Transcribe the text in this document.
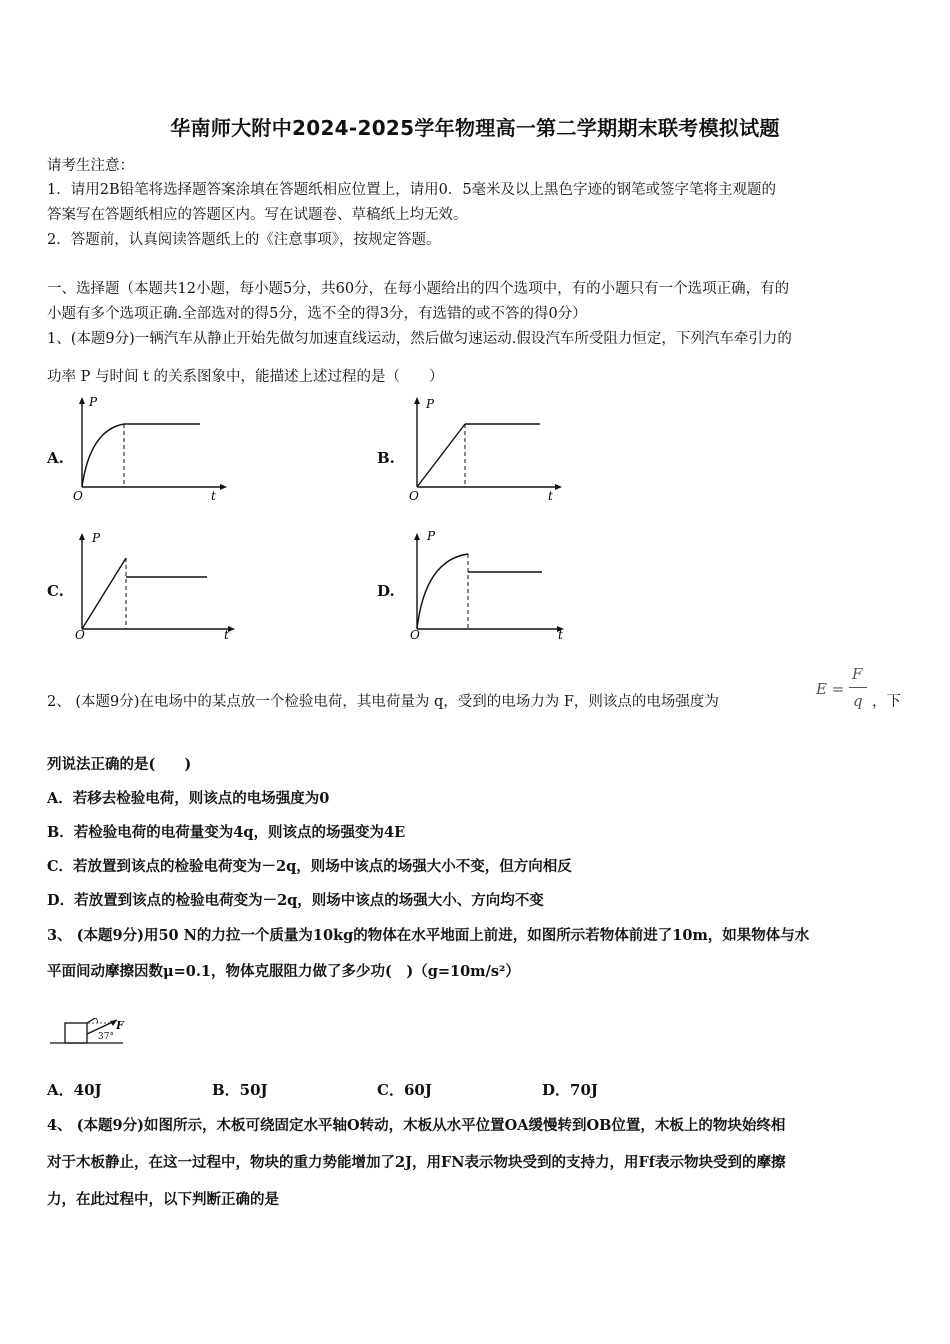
华南师大附中2024-2025学年物理高一第二学期期末联考模拟试题
请考生注意：
1．请用2B铅笔将选择题答案涂填在答题纸相应位置上，请用0．5毫米及以上黑色字迹的钢笔或签字笔将主观题的
答案写在答题纸相应的答题区内。写在试题卷、草稿纸上均无效。
2．答题前，认真阅读答题纸上的《注意事项》，按规定答题。
一、选择题（本题共12小题，每小题5分，共60分，在每小题给出的四个选项中，有的小题只有一个选项正确，有的
小题有多个选项正确.全部选对的得5分，选不全的得3分，有选错的或不答的得0分）
1、(本题9分)一辆汽车从静止开始先做匀加速直线运动，然后做匀速运动.假设汽车所受阻力恒定，下列汽车牵引力的
功率 P 与时间 t 的关系图象中，能描述上述过程的是（　　）
A.	B.
C.	D.
P
O	t
P
O	t
P
O	t
P
O	t
2、 (本题9分)在电场中的某点放一个检验电荷，其电荷量为 q，受到的电场力为 F，则该点的电场强度为
E =
F
q ，下
列说法正确的是(　　)
A．若移去检验电荷，则该点的电场强度为0
B．若检验电荷的电荷量变为4q，则该点的场强变为4E
C．若放置到该点的检验电荷变为－2q，则场中该点的场强大小不变，但方向相反
D．若放置到该点的检验电荷变为－2q，则场中该点的场强大小、方向均不变
3、 (本题9分)用50 N的力拉一个质量为10kg的物体在水平地面上前进，如图所示若物体前进了10m，如果物体与水
平面间动摩擦因数μ=0.1，物体克服阻力做了多少功(　)（g=10m/s²）
F
37°
A．40J	B．50J	C．60J	D．70J
4、 (本题9分)如图所示，木板可绕固定水平轴O转动，木板从水平位置OA缓慢转到OB位置，木板上的物块始终相
对于木板静止，在这一过程中，物块的重力势能增加了2J，用FN表示物块受到的支持力，用Ff表示物块受到的摩擦
力，在此过程中，以下判断正确的是
